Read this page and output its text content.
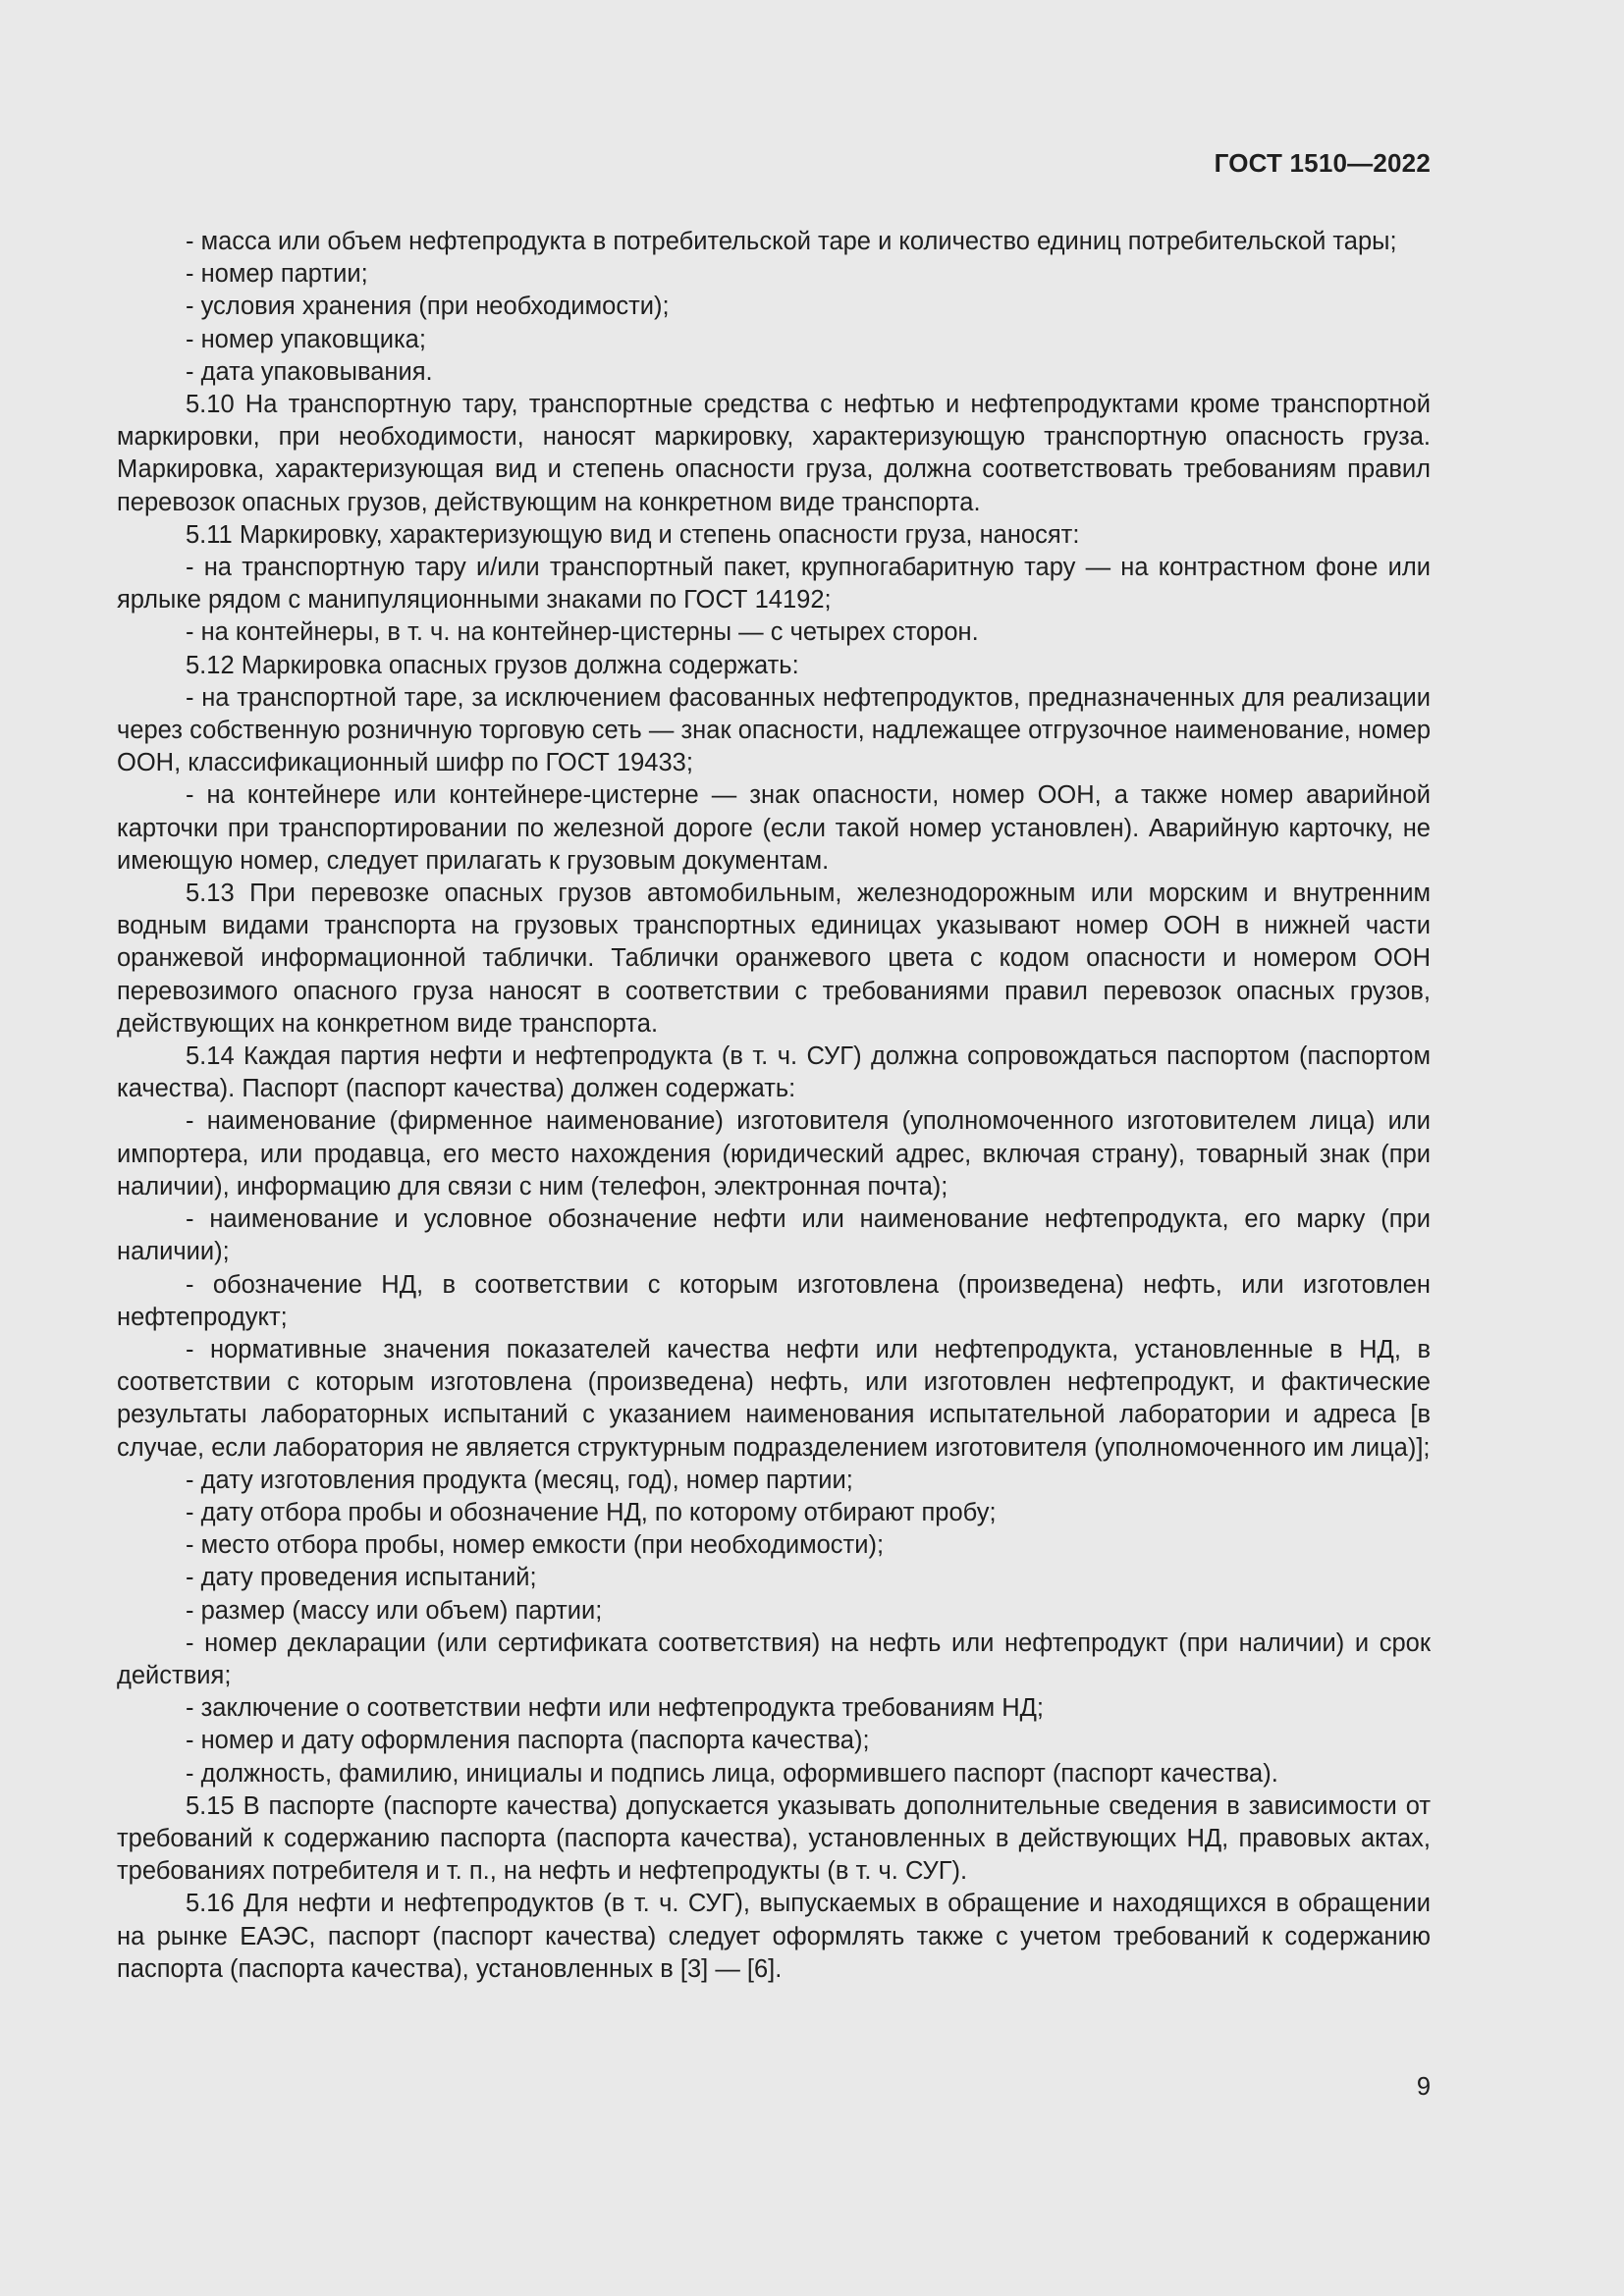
ГОСТ 1510—2022

- масса или объем нефтепродукта в потребительской таре и количество единиц потребительской тары;

- номер партии;

- условия хранения (при необходимости);

- номер упаковщика;

- дата упаковывания.

5.10 На транспортную тару, транспортные средства с нефтью и нефтепродуктами кроме транспортной маркировки, при необходимости, наносят маркировку, характеризующую транспортную опасность груза. Маркировка, характеризующая вид и степень опасности груза, должна соответствовать требованиям правил перевозок опасных грузов, действующим на конкретном виде транспорта.

5.11 Маркировку, характеризующую вид и степень опасности груза, наносят:

- на транспортную тару и/или транспортный пакет, крупногабаритную тару — на контрастном фоне или ярлыке рядом с манипуляционными знаками по ГОСТ 14192;

- на контейнеры, в т. ч. на контейнер-цистерны — с четырех сторон.

5.12 Маркировка опасных грузов должна содержать:

- на транспортной таре, за исключением фасованных нефтепродуктов, предназначенных для реализации через собственную розничную торговую сеть — знак опасности, надлежащее отгрузочное наименование, номер ООН, классификационный шифр по ГОСТ 19433;

- на контейнере или контейнере-цистерне — знак опасности, номер ООН, а также номер аварийной карточки при транспортировании по железной дороге (если такой номер установлен). Аварийную карточку, не имеющую номер, следует прилагать к грузовым документам.

5.13 При перевозке опасных грузов автомобильным, железнодорожным или морским и внутренним водным видами транспорта на грузовых транспортных единицах указывают номер ООН в нижней части оранжевой информационной таблички. Таблички оранжевого цвета с кодом опасности и номером ООН перевозимого опасного груза наносят в соответствии с требованиями правил перевозок опасных грузов, действующих на конкретном виде транспорта.

5.14 Каждая партия нефти и нефтепродукта (в т. ч. СУГ) должна сопровождаться паспортом (паспортом качества). Паспорт (паспорт качества) должен содержать:

- наименование (фирменное наименование) изготовителя (уполномоченного изготовителем лица) или импортера, или продавца, его место нахождения (юридический адрес, включая страну), товарный знак (при наличии), информацию для связи с ним (телефон, электронная почта);

- наименование и условное обозначение нефти или наименование нефтепродукта, его марку (при наличии);

- обозначение НД, в соответствии с которым изготовлена (произведена) нефть, или изготовлен нефтепродукт;

- нормативные значения показателей качества нефти или нефтепродукта, установленные в НД, в соответствии с которым изготовлена (произведена) нефть, или изготовлен нефтепродукт, и фактические результаты лабораторных испытаний с указанием наименования испытательной лаборатории и адреса [в случае, если лаборатория не является структурным подразделением изготовителя (уполномоченного им лица)];

- дату изготовления продукта (месяц, год), номер партии;

- дату отбора пробы и обозначение НД, по которому отбирают пробу;

- место отбора пробы, номер емкости (при необходимости);

- дату проведения испытаний;

- размер (массу или объем) партии;

- номер декларации (или сертификата соответствия) на нефть или нефтепродукт (при наличии) и срок действия;

- заключение о соответствии нефти или нефтепродукта требованиям НД;

- номер и дату оформления паспорта (паспорта качества);

- должность, фамилию, инициалы и подпись лица, оформившего паспорт (паспорт качества).

5.15 В паспорте (паспорте качества) допускается указывать дополнительные сведения в зависимости от требований к содержанию паспорта (паспорта качества), установленных в действующих НД, правовых актах, требованиях потребителя и т. п., на нефть и нефтепродукты (в т. ч. СУГ).

5.16 Для нефти и нефтепродуктов (в т. ч. СУГ), выпускаемых в обращение и находящихся в обращении на рынке ЕАЭС, паспорт (паспорт качества) следует оформлять также с учетом требований к содержанию паспорта (паспорта качества), установленных в [3] — [6].

9
